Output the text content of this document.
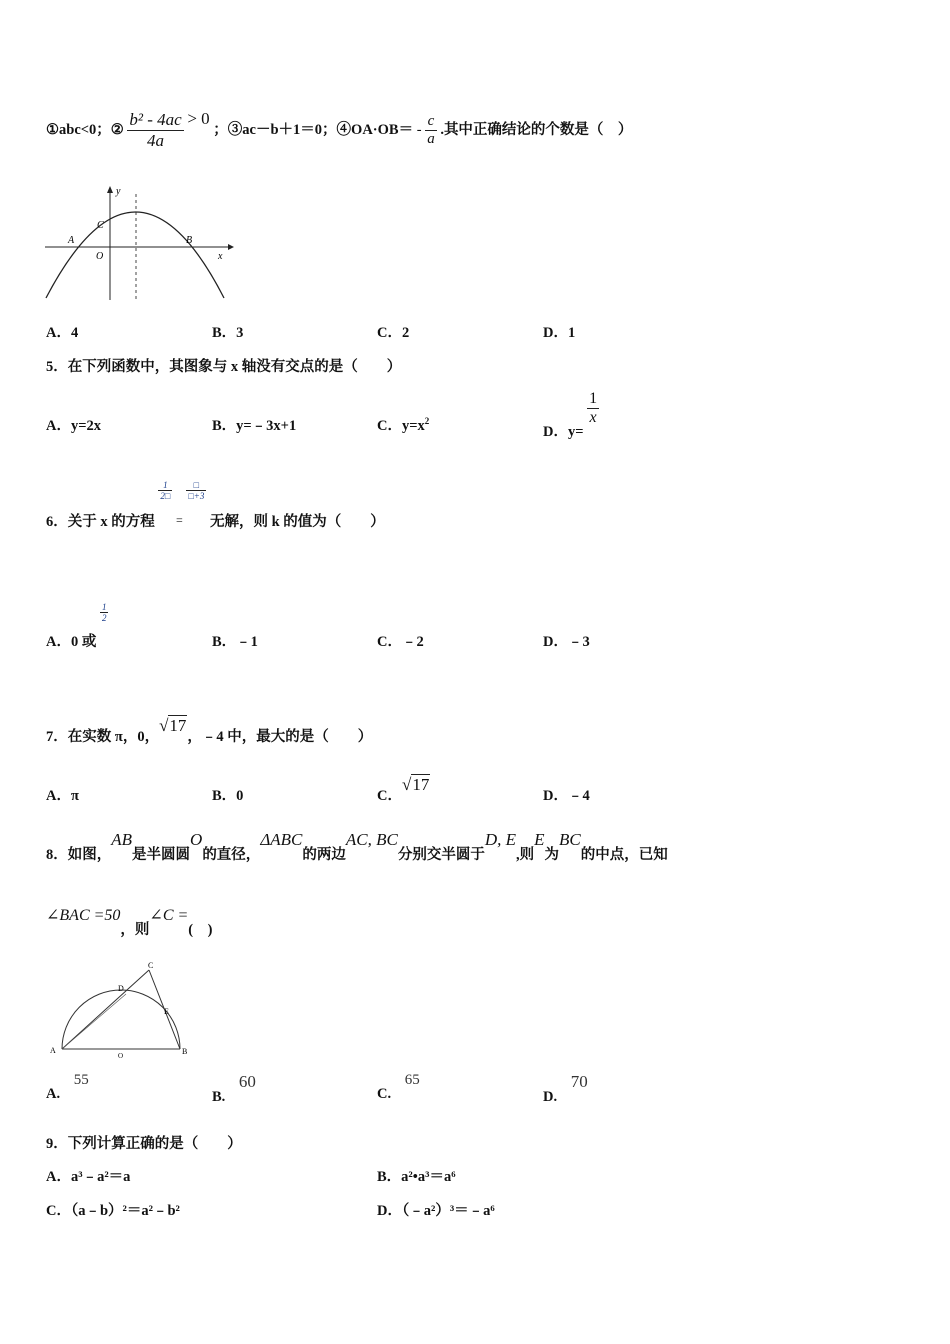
①abc<0；② $\frac{\text{b² - 4ac}}{4a} > 0$ ；③ac－b＋1＝0；④OA·OB＝ - $\frac{c}{a}$ .其中正确结论的个数是（　）
y
x
A	B
C
O
A．4	B．3	C．2	D．1
5．在下列函数中，其图象与 x 轴没有交点的是（　　）
A．y=2x	B．y=﹣3x+1	C．$y=x^2$
D．y=
$\frac{1}{x}$
6．关于 x 的方程
$\frac{1}{2□}$
$_=$
$\frac{□}{□+3}$
无解，则 k 的值为（　　）
A．0 或
$\frac{1}{2}$
B．﹣1	C．﹣2	D．﹣3
7．在实数 π，0，√17，﹣4 中，最大的是（　　）
A．π	B．0	C．√17
D．﹣4
8．如图，AB是半圆圆O的直径，ΔABC的两边AC, BC分别交半圆于D, E,则E为BC的中点，已知
∠BAC =50，则∠C =(　)
A	B
C
D
E
O
A. 55
B. 60
C. 65
D. 70
9．下列计算正确的是（　　）
A．a³﹣a²＝a	B．a²•a³＝a⁶
C．（a﹣b）²＝a²﹣b²	D．（﹣a²）³＝﹣a⁶
